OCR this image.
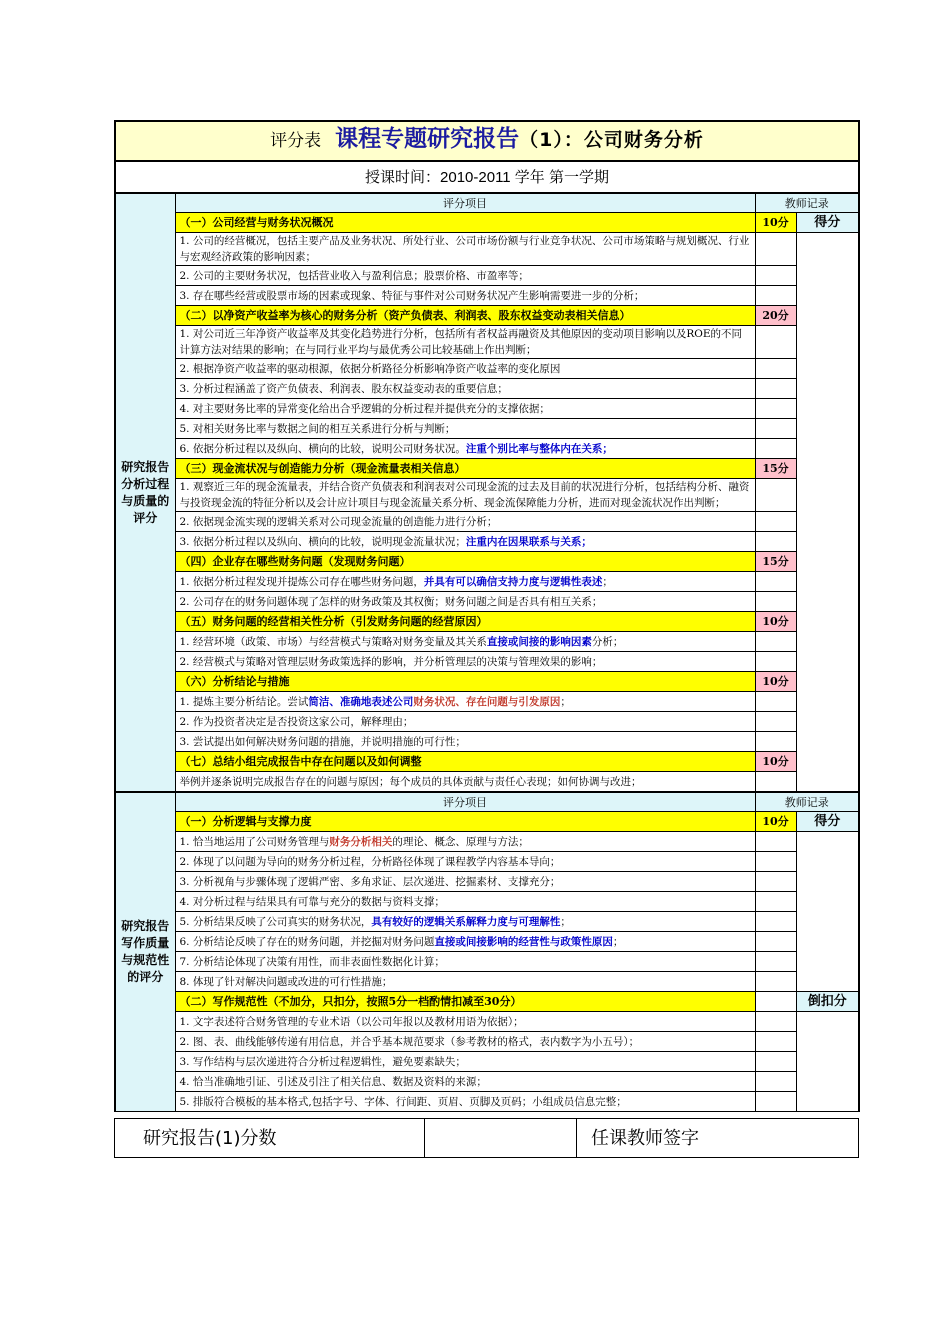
评分表 课程专题研究报告（1）：公司财务分析
授课时间：2010-2011 学年 第一学期
研究报告分析过程与质量的评分	评分项目	教师记录	
	（一）公司经营与财务状况概况	10分	得分
	1. 公司的经营概况，包括主要产品及业务状况、所处行业、公司市场份额与行业竞争状况、公司市场策略与规划概况、行业与宏观经济政策的影响因素；		
	2. 公司的主要财务状况，包括营业收入与盈利信息；股票价格、市盈率等；		
	3. 存在哪些经营或股票市场的因素或现象、特征与事件对公司财务状况产生影响需要进一步的分析；		
	（二）以净资产收益率为核心的财务分析（资产负债表、利润表、股东权益变动表相关信息）	20分	
	1. 对公司近三年净资产收益率及其变化趋势进行分析，包括所有者权益再融资及其他原因的变动项目影响以及ROE的不同计算方法对结果的影响；在与同行业平均与最优秀公司比较基础上作出判断；		
	2. 根据净资产收益率的驱动根源，依据分析路径分析影响净资产收益率的变化原因		
	3. 分析过程涵盖了资产负债表、利润表、股东权益变动表的重要信息；		
	4. 对主要财务比率的异常变化给出合乎逻辑的分析过程并提供充分的支撑依据；		
	5. 对相关财务比率与数据之间的相互关系进行分析与判断；		
	6. 依据分析过程以及纵向、横向的比较，说明公司财务状况。注重个别比率与整体内在关系；		
	（三）现金流状况与创造能力分析（现金流量表相关信息）	15分	
	1. 观察近三年的现金流量表，并结合资产负债表和利润表对公司现金流的过去及目前的状况进行分析，包括结构分析、融资与投资现金流的特征分析以及会计应计项目与现金流量关系分析、现金流保障能力分析，进而对现金流状况作出判断；		
	2. 依据现金流实现的逻辑关系对公司现金流量的创造能力进行分析；		
	3. 依据分析过程以及纵向、横向的比较，说明现金流量状况；注重内在因果联系与关系；		
	（四）企业存在哪些财务问题（发现财务问题）	15分	
	1. 依据分析过程发现并提炼公司存在哪些财务问题，并具有可以确信支持力度与逻辑性表述；		
	2. 公司存在的财务问题体现了怎样的财务政策及其权衡；财务问题之间是否具有相互关系；		
	（五）财务问题的经营相关性分析（引发财务问题的经营原因）	10分	
	1. 经营环境（政策、市场）与经营模式与策略对财务变量及其关系直接或间接的影响因素分析；		
	2. 经营模式与策略对管理层财务政策选择的影响，并分析管理层的决策与管理效果的影响；		
	（六）分析结论与措施	10分	
	1. 提炼主要分析结论。尝试简洁、准确地表述公司财务状况、存在问题与引发原因；		
	2. 作为投资者决定是否投资这家公司，解释理由；		
	3. 尝试提出如何解决财务问题的措施，并说明措施的可行性；		
	（七）总结小组完成报告中存在问题以及如何调整	10分	
	举例并逐条说明完成报告存在的问题与原因；每个成员的具体贡献与责任心表现；如何协调与改进；		
研究报告写作质量与规范性的评分	评分项目	教师记录	
	（一）分析逻辑与支撑力度	10分	得分
	1. 恰当地运用了公司财务管理与财务分析相关的理论、概念、原理与方法；		
	2. 体现了以问题为导向的财务分析过程，分析路径体现了课程教学内容基本导向；		
	3. 分析视角与步骤体现了逻辑严密、多角求证、层次递进、挖掘素材、支撑充分；		
	4. 对分析过程与结果具有可靠与充分的数据与资料支撑；		
	5. 分析结果反映了公司真实的财务状况，具有较好的逻辑关系解释力度与可理解性；		
	6. 分析结论反映了存在的财务问题，并挖掘对财务问题直接或间接影响的经营性与政策性原因；		
	7. 分析结论体现了决策有用性，而非表面性数据化计算；		
	8. 体现了针对解决问题或改进的可行性措施；		
	（二）写作规范性（不加分，只扣分，按照5分一档酌情扣减至30分）		倒扣分
	1. 文字表述符合财务管理的专业术语（以公司年报以及教材用语为依据）；		
	2. 图、表、曲线能够传递有用信息，并合乎基本规范要求（参考教材的格式，表内数字为小五号）；		
	3. 写作结构与层次递进符合分析过程逻辑性，避免要素缺失；		
	4. 恰当准确地引证、引述及引注了相关信息、数据及资料的来源；		
	5. 排版符合模板的基本格式,包括字号、字体、行间距、页眉、页脚及页码；小组成员信息完整；		
研究报告(1)分数		任课教师签字
